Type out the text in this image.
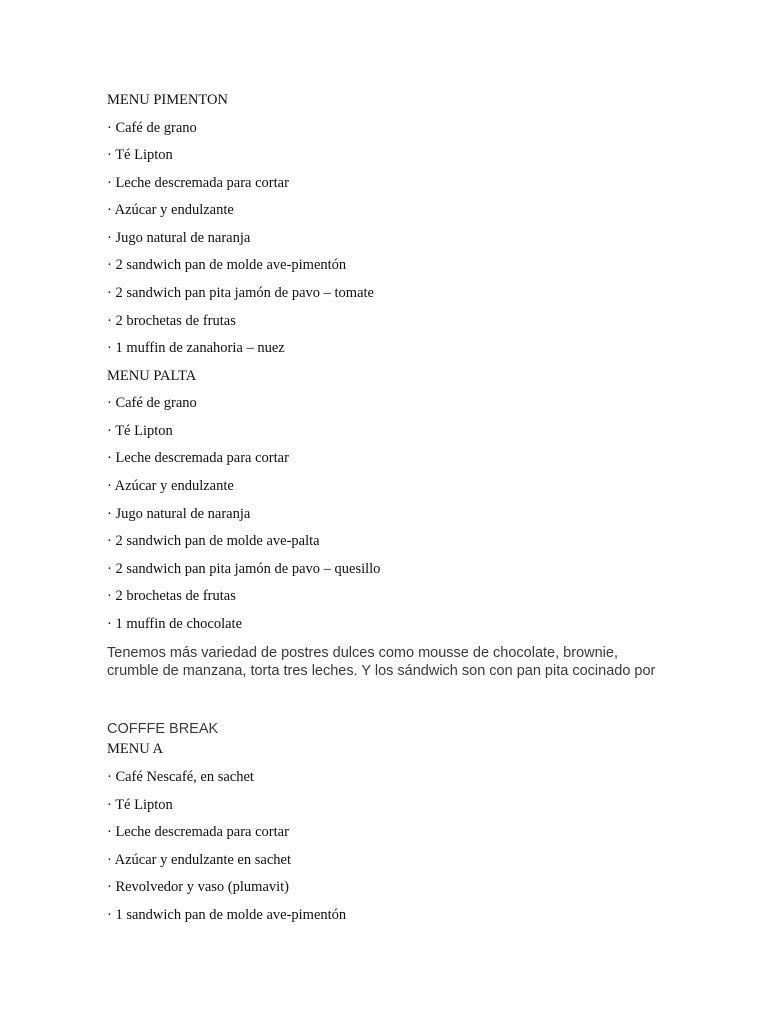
MENU PIMENTON
· Café de grano
· Té Lipton
· Leche descremada para cortar
· Azúcar y endulzante
· Jugo natural de naranja
· 2 sandwich pan de molde ave-pimentón
· 2 sandwich pan pita jamón de pavo – tomate
· 2 brochetas de frutas
· 1 muffin de zanahoria – nuez
MENU PALTA
· Café de grano
· Té Lipton
· Leche descremada para cortar
· Azúcar y endulzante
· Jugo natural de naranja
· 2 sandwich pan de molde ave-palta
· 2 sandwich pan pita jamón de pavo – quesillo
· 2 brochetas de frutas
· 1 muffin de chocolate
Tenemos más variedad de postres dulces como mousse de chocolate, brownie, crumble de manzana, torta tres leches. Y los sándwich son con pan pita cocinado por
COFFFE BREAK
MENU A
· Café Nescafé, en sachet
· Té Lipton
· Leche descremada para cortar
· Azúcar y endulzante en sachet
· Revolvedor y vaso (plumavit)
· 1 sandwich pan de molde ave-pimentón
